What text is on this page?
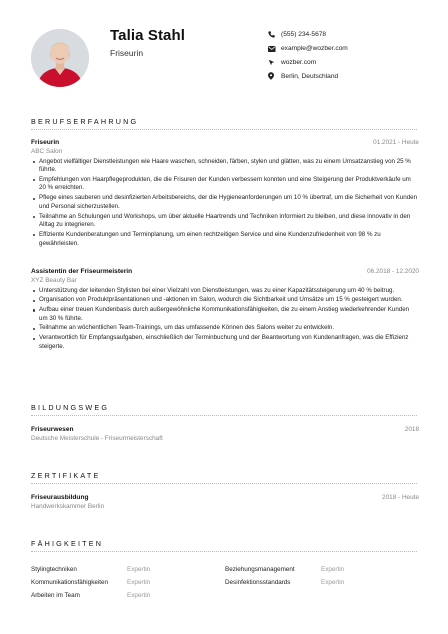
Talia Stahl
Friseurin
(555) 234-5678
example@wozber.com
wozber.com
Berlin, Deutschland
BERUFSERFAHRUNG
Friseurin	01.2021 - Heute
ABC Salon
Angebot vielfältiger Dienstleistungen wie Haare waschen, schneiden, färben, stylen und glätten, was zu einem Umsatzanstieg von 25 % führte.
Empfehlungen von Haarpflegeprodukten, die die Frisuren der Kunden verbessern konnten und eine Steigerung der Produktverkäufe um 20 % erreichten.
Pflege eines sauberen und desinfizierten Arbeitsbereichs, der die Hygieneanforderungen um 10 % übertraf, um die Sicherheit von Kunden und Personal sicherzustellen.
Teilnahme an Schulungen und Workshops, um über aktuelle Haartrends und Techniken informiert zu bleiben, und diese innovativ in den Alltag zu integrieren.
Effiziente Kundenberatungen und Terminplanung, um einen rechtzeitigen Service und eine Kundenzufriedenheit von 98 % zu gewährleisten.
Assistentin der Friseurmeisterin	06.2018 - 12.2020
XYZ Beauty Bar
Unterstützung der leitenden Stylisten bei einer Vielzahl von Dienstleistungen, was zu einer Kapazitätssteigerung um 40 % beitrug.
Organisation von Produktpräsentationen und -aktionen im Salon, wodurch die Sichtbarkeit und Umsätze um 15 % gesteigert wurden.
Aufbau einer treuen Kundenbasis durch außergewöhnliche Kommunikationsfähigkeiten, die zu einem Anstieg wiederkehrender Kunden um 30 % führte.
Teilnahme an wöchentlichen Team-Trainings, um das umfassende Können des Salons weiter zu entwickeln.
Verantwortlich für Empfangsaufgaben, einschließlich der Terminbuchung und der Beantwortung von Kundenanfragen, was die Effizienz steigerte.
BILDUNGSWEG
Friseurwesen	2018
Deutsche Meisterschule - Friseurmeisterschaft
ZERTIFIKATE
Friseurausbildung	2018 - Heute
Handwerkskammer Berlin
FÄHIGKEITEN
Stylingtechniken	Expertin	Beziehungsmanagement	Expertin
Kommunikationsfähigkeiten	Expertin	Desinfektionsstandards	Expertin
Arbeiten im Team	Expertin
